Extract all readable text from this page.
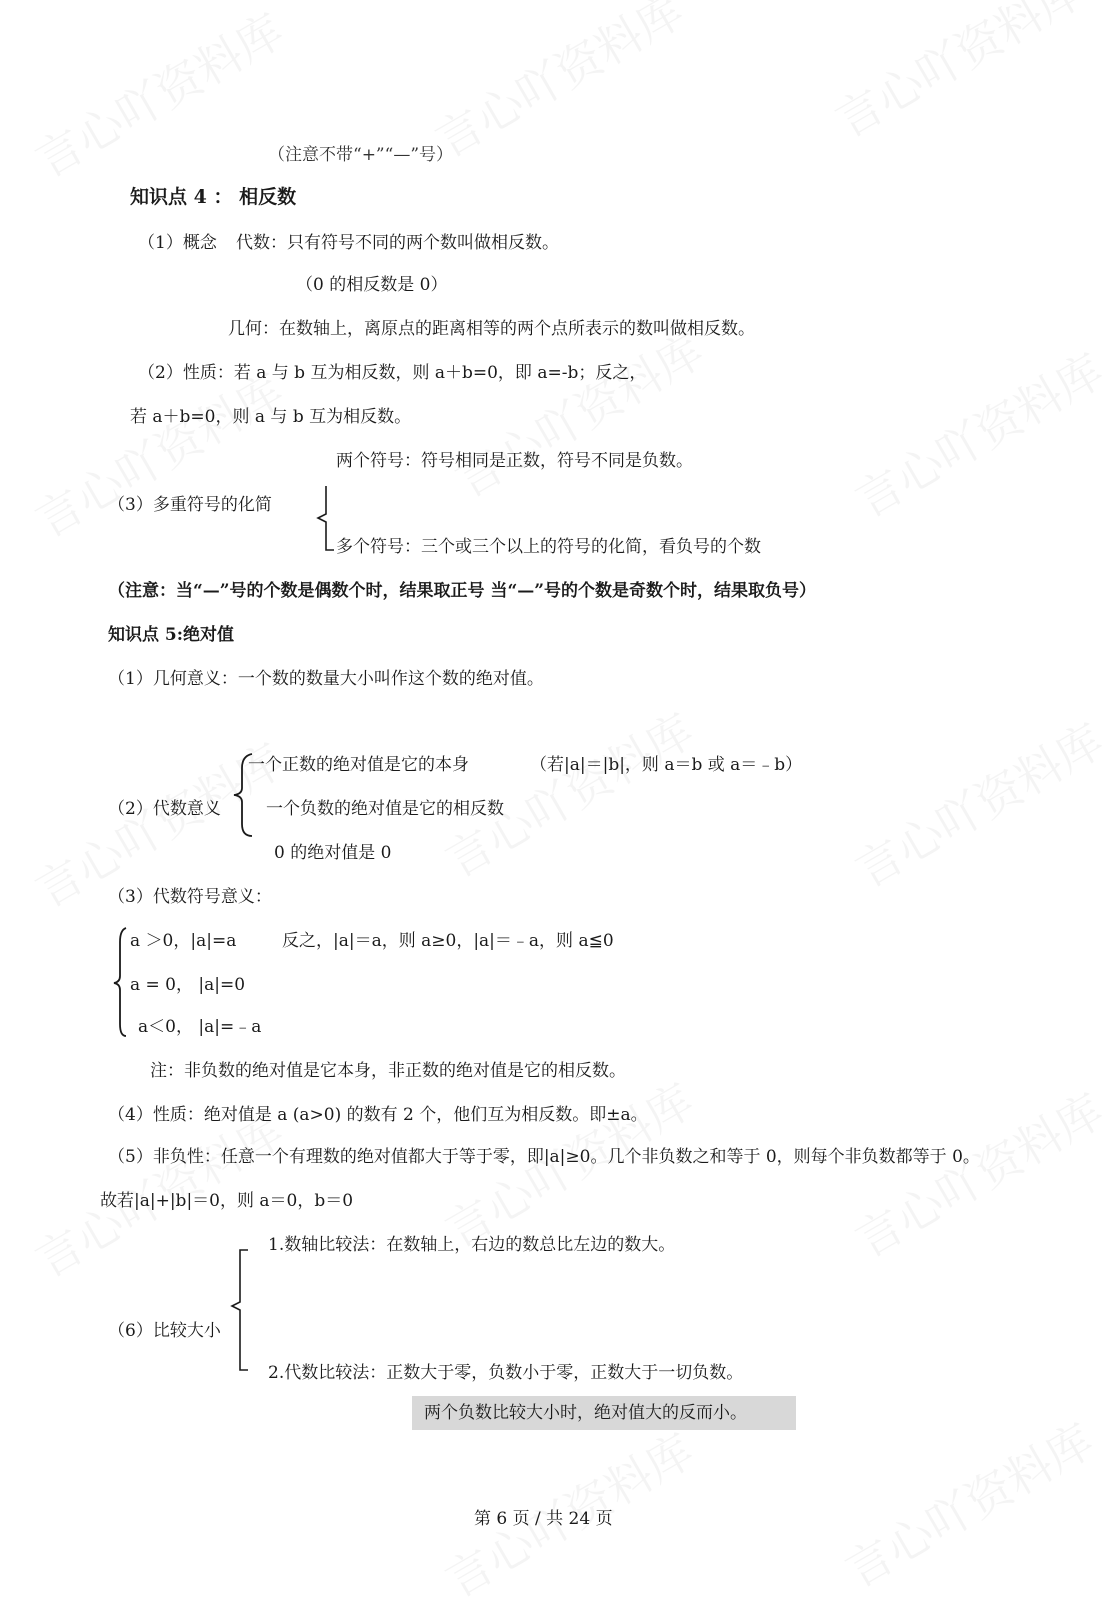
（注意不带“+”“—”号）
知识点 4 ： 相反数
（1）概念 代数：只有符号不同的两个数叫做相反数。
（0 的相反数是 0）
几何：在数轴上，离原点的距离相等的两个点所表示的数叫做相反数。
（2）性质：若 a 与 b 互为相反数，则 a＋b=0，即 a=-b；反之，
若 a＋b=0，则 a 与 b 互为相反数。
两个符号：符号相同是正数，符号不同是负数。
（3）多重符号的化简
多个符号：三个或三个以上的符号的化简，看负号的个数
（注意：当“—”号的个数是偶数个时，结果取正号 当“—”号的个数是奇数个时，结果取负号）
知识点 5:绝对值
（1）几何意义：一个数的数量大小叫作这个数的绝对值。
一个正数的绝对值是它的本身	（若|a|＝|b|，则 a＝b 或 a＝﹣b）
（2）代数意义	一个负数的绝对值是它的相反数
0 的绝对值是 0
（3）代数符号意义：
a ＞0，|a|=a	反之，|a|＝a，则 a≥0，|a|＝﹣a，则 a≦0
a = 0， |a|=0
a＜0， |a|=﹣a
注：非负数的绝对值是它本身，非正数的绝对值是它的相反数。
（4）性质：绝对值是 a (a>0) 的数有 2 个，他们互为相反数。即±a。
（5）非负性：任意一个有理数的绝对值都大于等于零，即|a|≥0。几个非负数之和等于 0，则每个非负数都等于 0。
故若|a|+|b|＝0，则 a＝0，b＝0
1.数轴比较法：在数轴上，右边的数总比左边的数大。
（6）比较大小
2.代数比较法：正数大于零，负数小于零，正数大于一切负数。
两个负数比较大小时，绝对值大的反而小。
第 6 页 / 共 24 页
